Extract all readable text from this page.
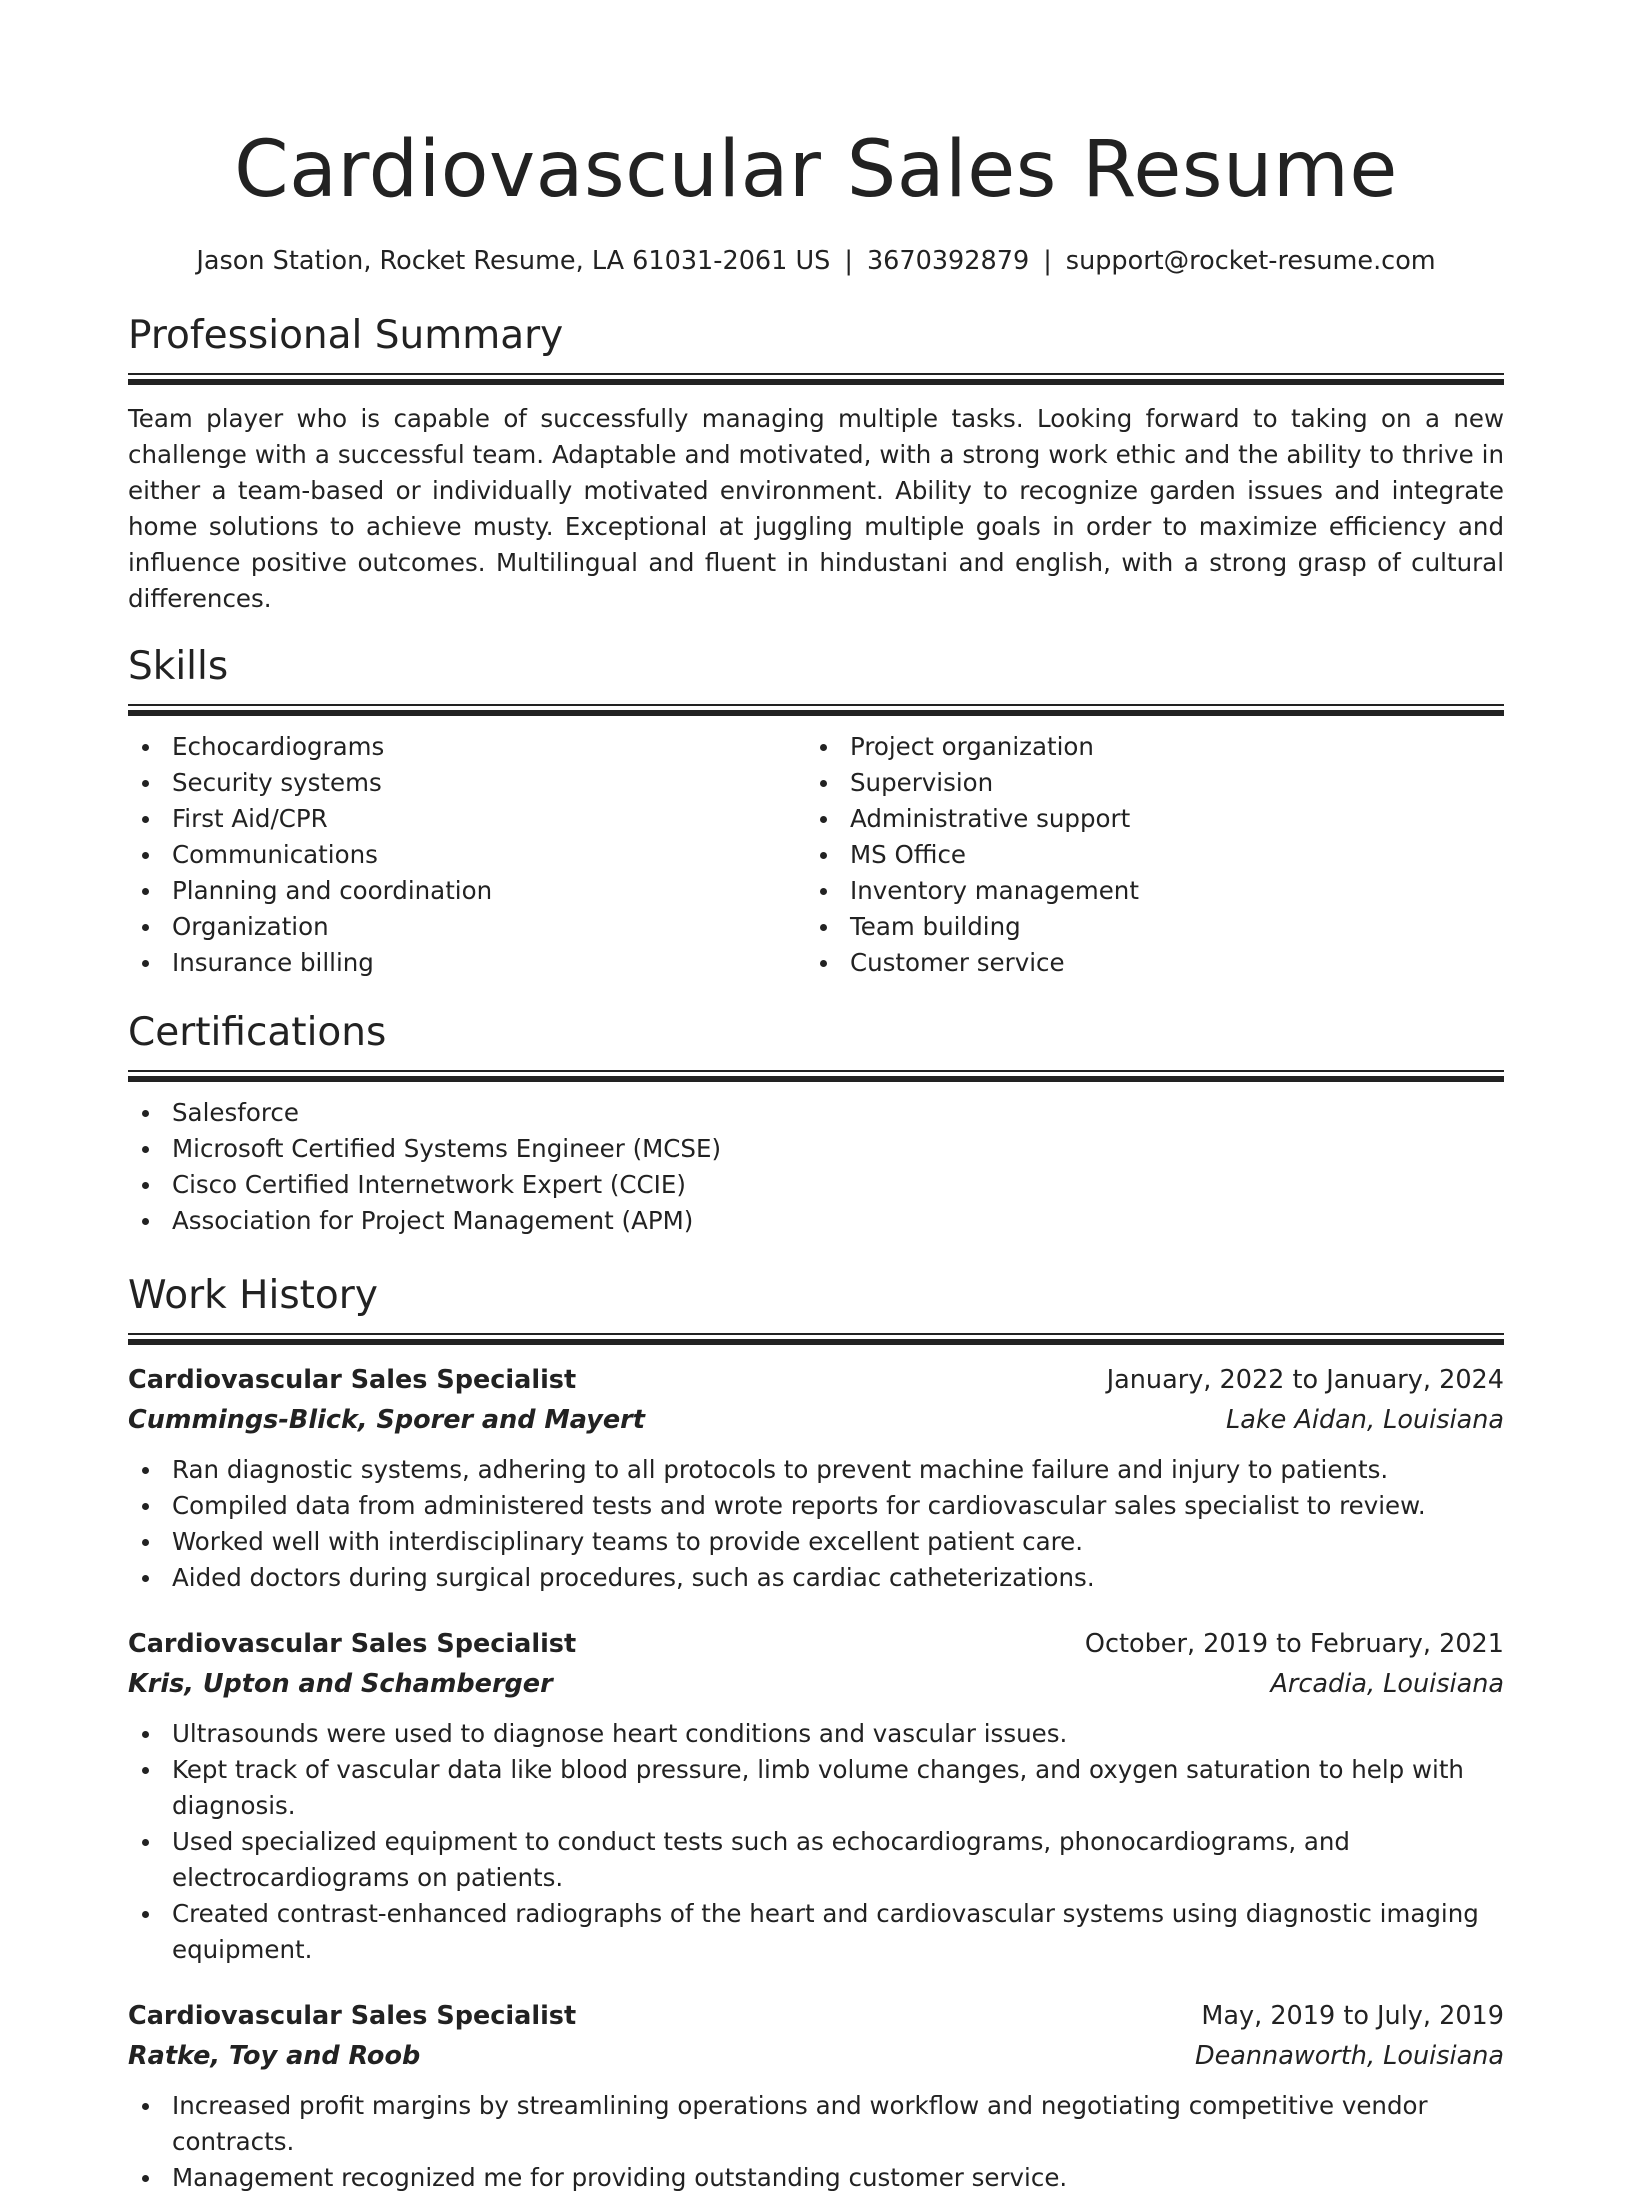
Cardiovascular Sales Resume
Jason Station, Rocket Resume, LA 61031-2061 US | 3670392879 | support@rocket-resume.com
Professional Summary
Team player who is capable of successfully managing multiple tasks. Looking forward to taking on a new challenge with a successful team. Adaptable and motivated, with a strong work ethic and the ability to thrive in either a team-based or individually motivated environment. Ability to recognize garden issues and integrate home solutions to achieve musty. Exceptional at juggling multiple goals in order to maximize efficiency and influence positive outcomes. Multilingual and fluent in hindustani and english, with a strong grasp of cultural differences.
Skills
Echocardiograms
Security systems
First Aid/CPR
Communications
Planning and coordination
Organization
Insurance billing
Project organization
Supervision
Administrative support
MS Office
Inventory management
Team building
Customer service
Certifications
Salesforce
Microsoft Certified Systems Engineer (MCSE)
Cisco Certified Internetwork Expert (CCIE)
Association for Project Management (APM)
Work History
Cardiovascular Sales Specialist	January, 2022 to January, 2024
Cummings-Blick, Sporer and Mayert	Lake Aidan, Louisiana
Ran diagnostic systems, adhering to all protocols to prevent machine failure and injury to patients.
Compiled data from administered tests and wrote reports for cardiovascular sales specialist to review.
Worked well with interdisciplinary teams to provide excellent patient care.
Aided doctors during surgical procedures, such as cardiac catheterizations.
Cardiovascular Sales Specialist	October, 2019 to February, 2021
Kris, Upton and Schamberger	Arcadia, Louisiana
Ultrasounds were used to diagnose heart conditions and vascular issues.
Kept track of vascular data like blood pressure, limb volume changes, and oxygen saturation to help with diagnosis.
Used specialized equipment to conduct tests such as echocardiograms, phonocardiograms, and electrocardiograms on patients.
Created contrast-enhanced radiographs of the heart and cardiovascular systems using diagnostic imaging equipment.
Cardiovascular Sales Specialist	May, 2019 to July, 2019
Ratke, Toy and Roob	Deannaworth, Louisiana
Increased profit margins by streamlining operations and workflow and negotiating competitive vendor contracts.
Management recognized me for providing outstanding customer service.
